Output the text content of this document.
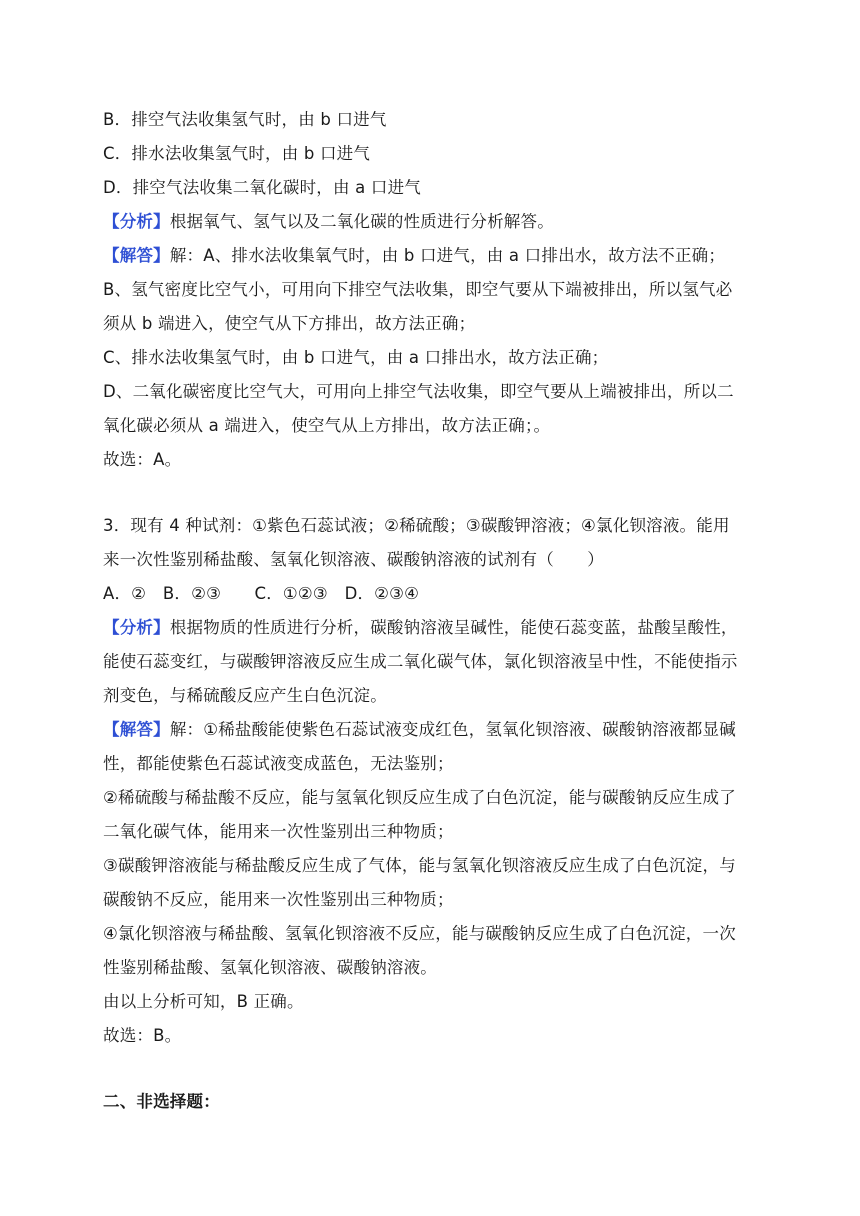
B．排空气法收集氢气时，由 b 口进气
C．排水法收集氢气时，由 b 口进气
D．排空气法收集二氧化碳时，由 a 口进气
【分析】根据氧气、氢气以及二氧化碳的性质进行分析解答。
【解答】解：A、排水法收集氧气时，由 b 口进气，由 a 口排出水，故方法不正确；
B、氢气密度比空气小，可用向下排空气法收集，即空气要从下端被排出，所以氢气必
须从 b 端进入，使空气从下方排出，故方法正确；
C、排水法收集氢气时，由 b 口进气，由 a 口排出水，故方法正确；
D、二氧化碳密度比空气大，可用向上排空气法收集，即空气要从上端被排出，所以二
氧化碳必须从 a 端进入，使空气从上方排出，故方法正确；。
故选：A。
3．现有 4 种试剂：①紫色石蕊试液；②稀硫酸；③碳酸钾溶液；④氯化钡溶液。能用
来一次性鉴别稀盐酸、氢氧化钡溶液、碳酸钠溶液的试剂有（　　）
A．②　B．②③　　C．①②③　D．②③④
【分析】根据物质的性质进行分析，碳酸钠溶液呈碱性，能使石蕊变蓝，盐酸呈酸性，
能使石蕊变红，与碳酸钾溶液反应生成二氧化碳气体，氯化钡溶液呈中性，不能使指示
剂变色，与稀硫酸反应产生白色沉淀。
【解答】解：①稀盐酸能使紫色石蕊试液变成红色，氢氧化钡溶液、碳酸钠溶液都显碱
性，都能使紫色石蕊试液变成蓝色，无法鉴别；
②稀硫酸与稀盐酸不反应，能与氢氧化钡反应生成了白色沉淀，能与碳酸钠反应生成了
二氧化碳气体，能用来一次性鉴别出三种物质；
③碳酸钾溶液能与稀盐酸反应生成了气体，能与氢氧化钡溶液反应生成了白色沉淀，与
碳酸钠不反应，能用来一次性鉴别出三种物质；
④氯化钡溶液与稀盐酸、氢氧化钡溶液不反应，能与碳酸钠反应生成了白色沉淀，一次
性鉴别稀盐酸、氢氧化钡溶液、碳酸钠溶液。
由以上分析可知，B 正确。
故选：B。
二、非选择题：
